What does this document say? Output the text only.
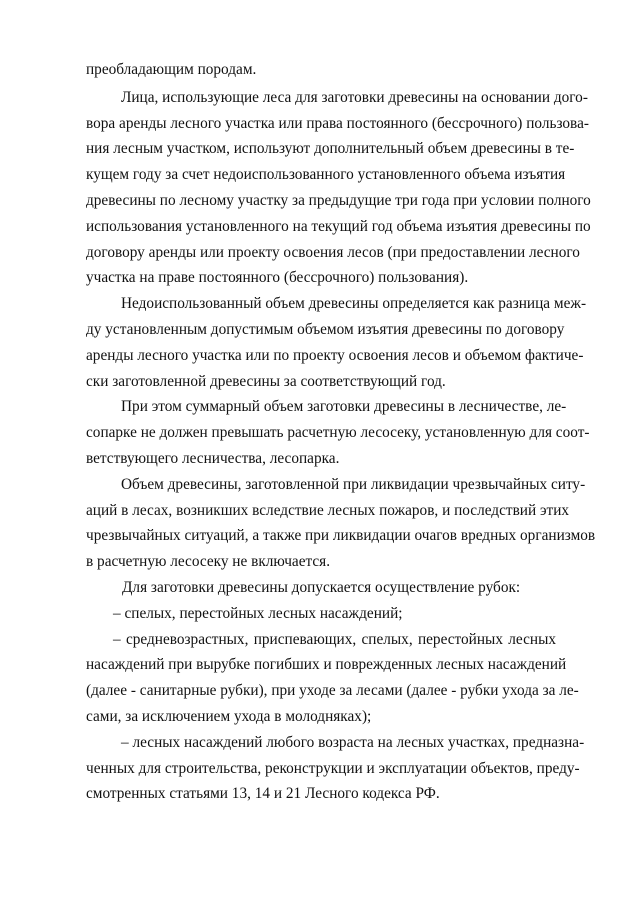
преобладающим породам.
Лица, использующие леса для заготовки древесины на основании дого-
вора аренды лесного участка или права постоянного (бессрочного) пользова-
ния лесным участком, используют дополнительный объем древесины в те-
кущем году за счет недоиспользованного установленного объема изъятия
древесины по лесному участку за предыдущие три года при условии полного
использования установленного на текущий год объема изъятия древесины по
договору аренды или проекту освоения лесов (при предоставлении лесного
участка на праве постоянного (бессрочного) пользования).
Недоиспользованный объем древесины определяется как разница меж-
ду установленным допустимым объемом изъятия древесины по договору
аренды лесного участка или по проекту освоения лесов и объемом фактиче-
ски заготовленной древесины за соответствующий год.
При этом суммарный объем заготовки древесины в лесничестве, ле-
сопарке не должен превышать расчетную лесосеку, установленную для соот-
ветствующего лесничества, лесопарка.
Объем древесины, заготовленной при ликвидации чрезвычайных ситу-
аций в лесах, возникших вследствие лесных пожаров, и последствий этих
чрезвычайных ситуаций, а также при ликвидации очагов вредных организмов
в расчетную лесосеку не включается.
Для заготовки древесины допускается осуществление рубок:
– спелых, перестойных лесных насаждений;
– средневозрастных, приспевающих, спелых, перестойных лесных
насаждений при вырубке погибших и поврежденных лесных насаждений
(далее - санитарные рубки), при уходе за лесами (далее - рубки ухода за ле-
сами, за исключением ухода в молодняках);
– лесных насаждений любого возраста на лесных участках, предназна-
ченных для строительства, реконструкции и эксплуатации объектов, преду-
смотренных статьями 13, 14 и 21 Лесного кодекса РФ.
